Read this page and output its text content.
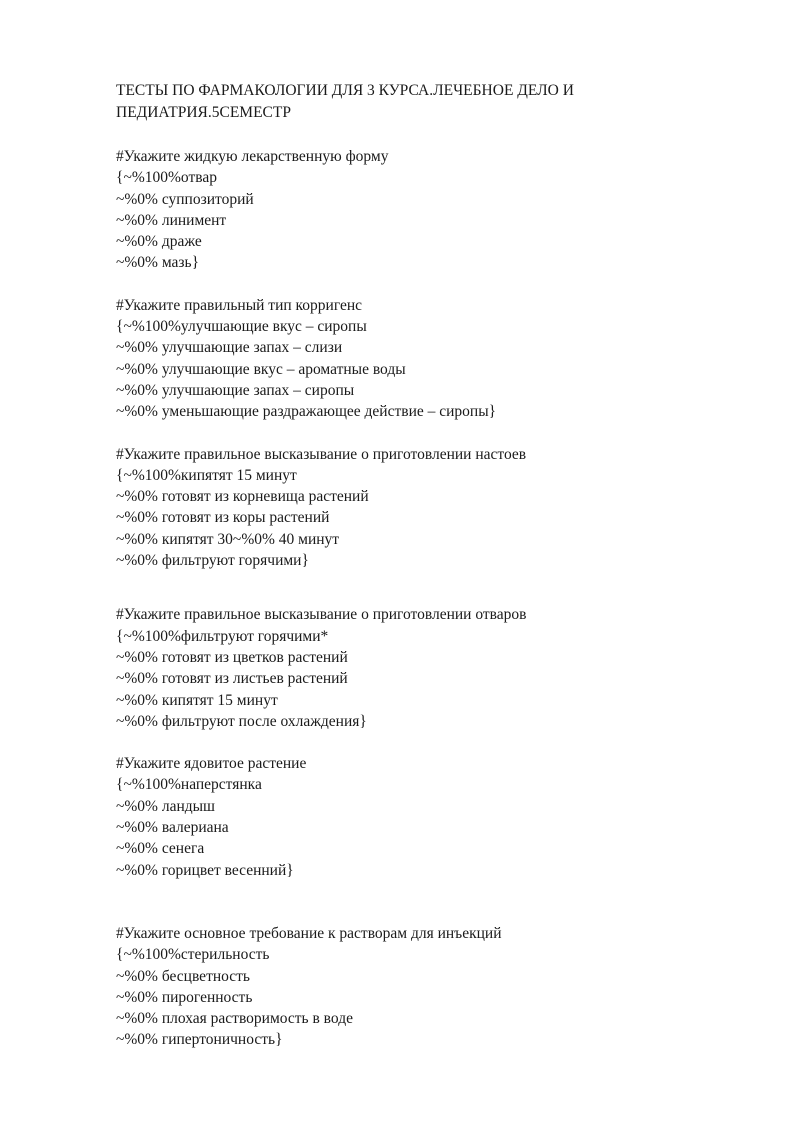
ТЕСТЫ ПО ФАРМАКОЛОГИИ ДЛЯ 3 КУРСА.ЛЕЧЕБНОЕ ДЕЛО И
ПЕДИАТРИЯ.5СЕМЕСТР
#Укажите жидкую лекарственную форму
{~%100%отвар
~%0% суппозиторий
~%0% линимент
~%0% драже
~%0% мазь}
#Укажите правильный тип корригенс
{~%100%улучшающие вкус – сиропы
~%0% улучшающие запах – слизи
~%0% улучшающие вкус – ароматные воды
~%0% улучшающие запах – сиропы
~%0% уменьшающие раздражающее действие – сиропы}
#Укажите правильное высказывание о приготовлении настоев
{~%100%кипятят 15 минут
~%0% готовят из корневища растений
~%0% готовят из коры растений
~%0% кипятят 30~%0% 40 минут
~%0% фильтруют горячими}
#Укажите правильное высказывание о приготовлении отваров
{~%100%фильтруют горячими*
~%0% готовят из цветков растений
~%0% готовят из листьев растений
~%0% кипятят 15 минут
~%0% фильтруют после охлаждения}
#Укажите ядовитое растение
{~%100%наперстянка
~%0% ландыш
~%0% валериана
~%0% сенега
~%0% горицвет весенний}
#Укажите основное требование к растворам для инъекций
{~%100%стерильность
~%0% бесцветность
~%0% пирогенность
~%0% плохая растворимость в воде
~%0% гипертоничность}
